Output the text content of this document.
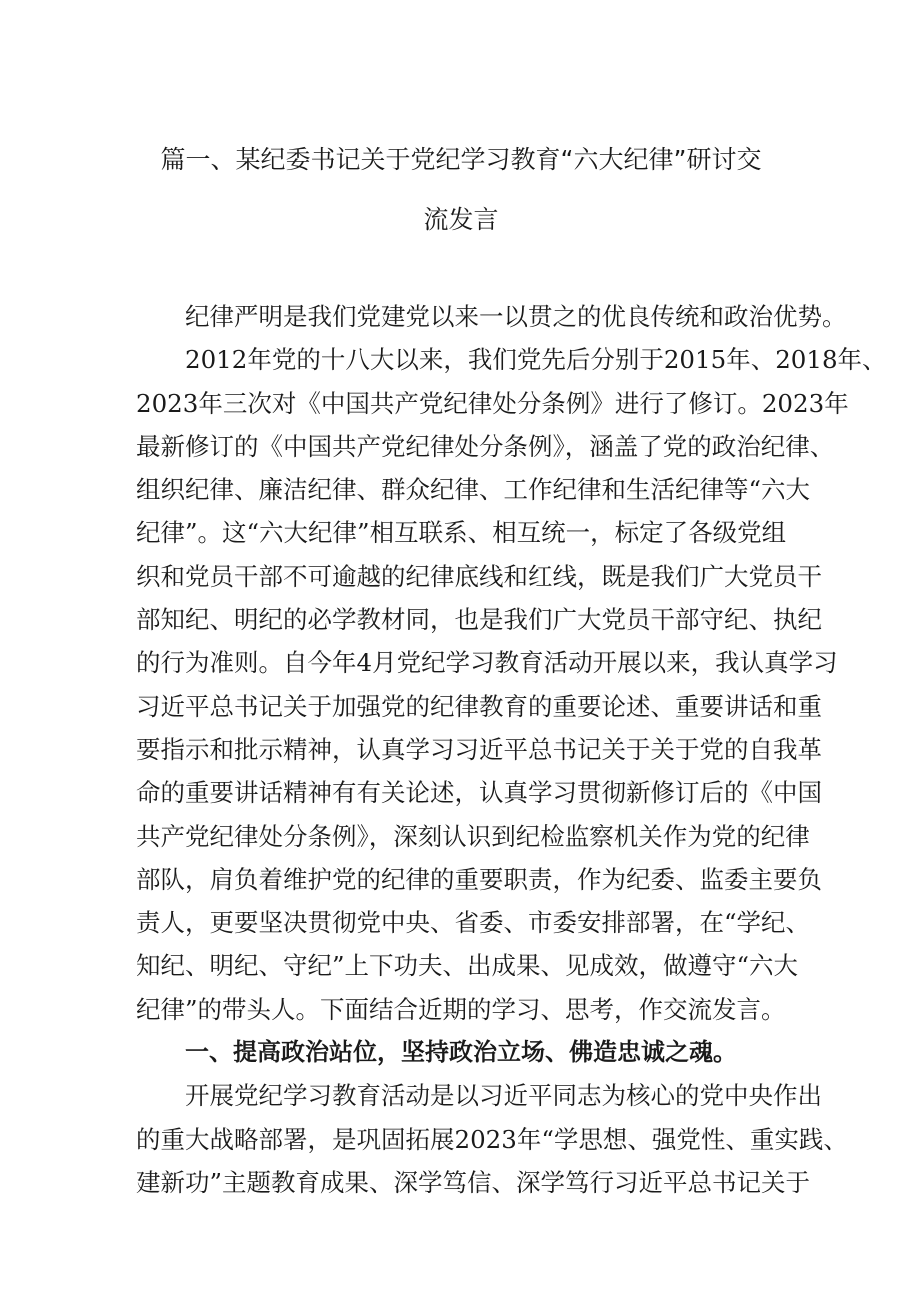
篇一、某纪委书记关于党纪学习教育“六大纪律”研讨交
流发言
纪律严明是我们党建党以来一以贯之的优良传统和政治优势。
2012年党的十八大以来，我们党先后分别于2015年、2018年、
2023年三次对《中国共产党纪律处分条例》进行了修订。2023年
最新修订的《中国共产党纪律处分条例》，涵盖了党的政治纪律、
组织纪律、廉洁纪律、群众纪律、工作纪律和生活纪律等“六大
纪律”。这“六大纪律”相互联系、相互统一，标定了各级党组
织和党员干部不可逾越的纪律底线和红线，既是我们广大党员干
部知纪、明纪的必学教材同，也是我们广大党员干部守纪、执纪
的行为准则。自今年4月党纪学习教育活动开展以来，我认真学习
习近平总书记关于加强党的纪律教育的重要论述、重要讲话和重
要指示和批示精神，认真学习习近平总书记关于关于党的自我革
命的重要讲话精神有有关论述，认真学习贯彻新修订后的《中国
共产党纪律处分条例》，深刻认识到纪检监察机关作为党的纪律
部队，肩负着维护党的纪律的重要职责，作为纪委、监委主要负
责人，更要坚决贯彻党中央、省委、市委安排部署，在“学纪、
知纪、明纪、守纪”上下功夫、出成果、见成效，做遵守“六大
纪律”的带头人。下面结合近期的学习、思考，作交流发言。
一、提高政治站位，坚持政治立场、佛造忠诚之魂。
开展党纪学习教育活动是以习近平同志为核心的党中央作出
的重大战略部署，是巩固拓展2023年“学思想、强党性、重实践、
建新功”主题教育成果、深学笃信、深学笃行习近平总书记关于
